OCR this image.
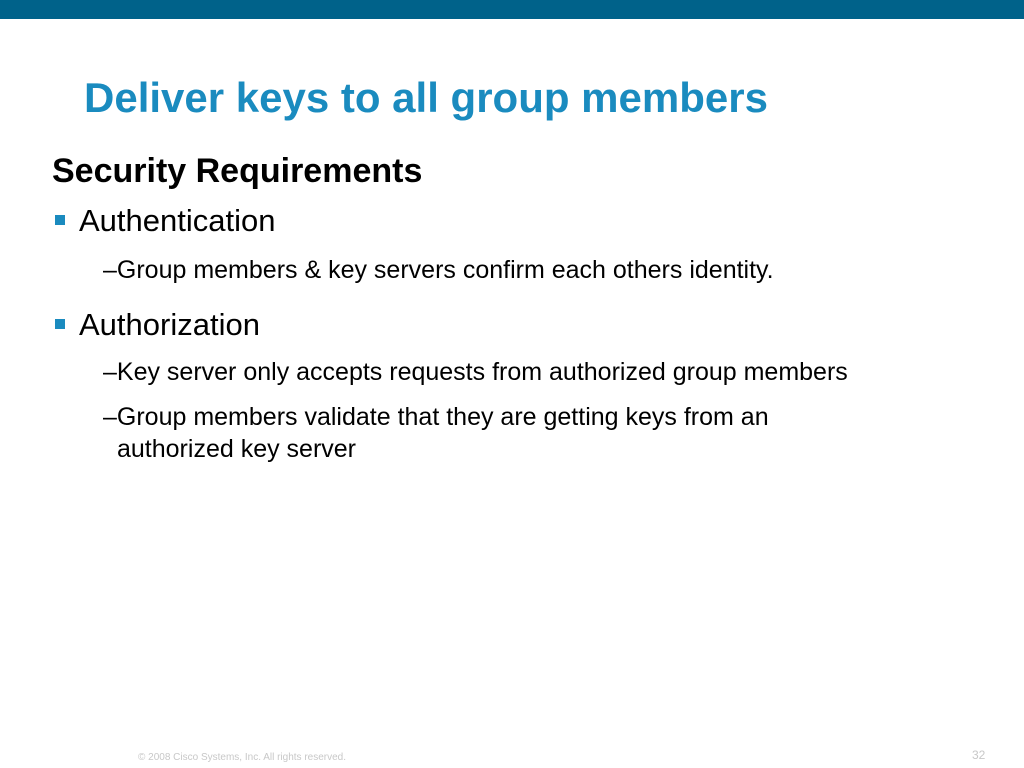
Deliver keys to all group members
Security Requirements
Authentication
–Group members & key servers confirm each others identity.
Authorization
–Key server only accepts requests from authorized group members
–Group members validate that they are getting keys from an
authorized key server
© 2008 Cisco Systems, Inc. All rights reserved.	32
